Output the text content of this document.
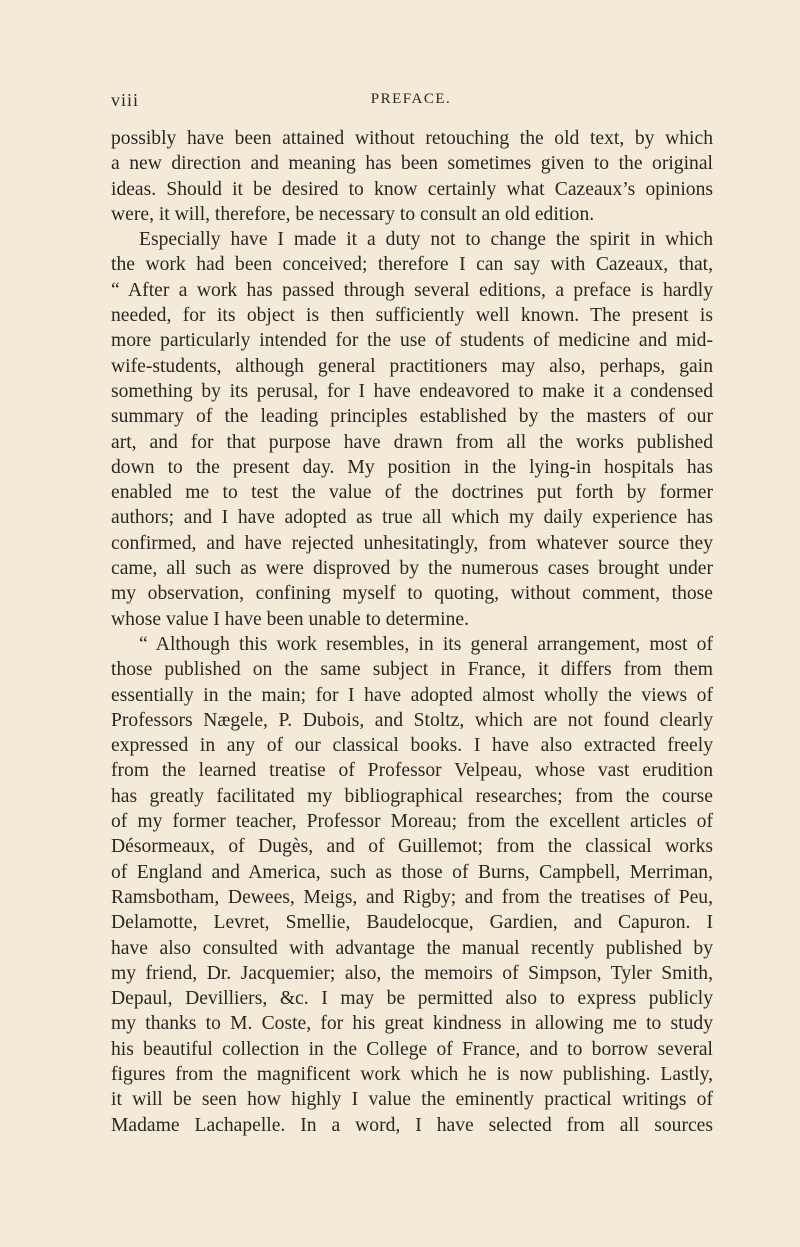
viii	PREFACE.
possibly have been attained without retouching the old text, by which
a new direction and meaning has been sometimes given to the original
ideas. Should it be desired to know certainly what Cazeaux’s opinions
were, it will, therefore, be necessary to consult an old edition.
Especially have I made it a duty not to change the spirit in which
the work had been conceived; therefore I can say with Cazeaux, that,
“ After a work has passed through several editions, a preface is hardly
needed, for its object is then sufficiently well known. The present is
more particularly intended for the use of students of medicine and mid-
wife-students, although general practitioners may also, perhaps, gain
something by its perusal, for I have endeavored to make it a condensed
summary of the leading principles established by the masters of our
art, and for that purpose have drawn from all the works published
down to the present day. My position in the lying-in hospitals has
enabled me to test the value of the doctrines put forth by former
authors; and I have adopted as true all which my daily experience has
confirmed, and have rejected unhesitatingly, from whatever source they
came, all such as were disproved by the numerous cases brought under
my observation, confining myself to quoting, without comment, those
whose value I have been unable to determine.
“ Although this work resembles, in its general arrangement, most of
those published on the same subject in France, it differs from them
essentially in the main; for I have adopted almost wholly the views of
Professors Nægele, P. Dubois, and Stoltz, which are not found clearly
expressed in any of our classical books. I have also extracted freely
from the learned treatise of Professor Velpeau, whose vast erudition
has greatly facilitated my bibliographical researches; from the course
of my former teacher, Professor Moreau; from the excellent articles of
Désormeaux, of Dugès, and of Guillemot; from the classical works
of England and America, such as those of Burns, Campbell, Merriman,
Ramsbotham, Dewees, Meigs, and Rigby; and from the treatises of Peu,
Delamotte, Levret, Smellie, Baudelocque, Gardien, and Capuron. I
have also consulted with advantage the manual recently published by
my friend, Dr. Jacquemier; also, the memoirs of Simpson, Tyler Smith,
Depaul, Devilliers, &c. I may be permitted also to express publicly
my thanks to M. Coste, for his great kindness in allowing me to study
his beautiful collection in the College of France, and to borrow several
figures from the magnificent work which he is now publishing. Lastly,
it will be seen how highly I value the eminently practical writings of
Madame Lachapelle. In a word, I have selected from all sources
